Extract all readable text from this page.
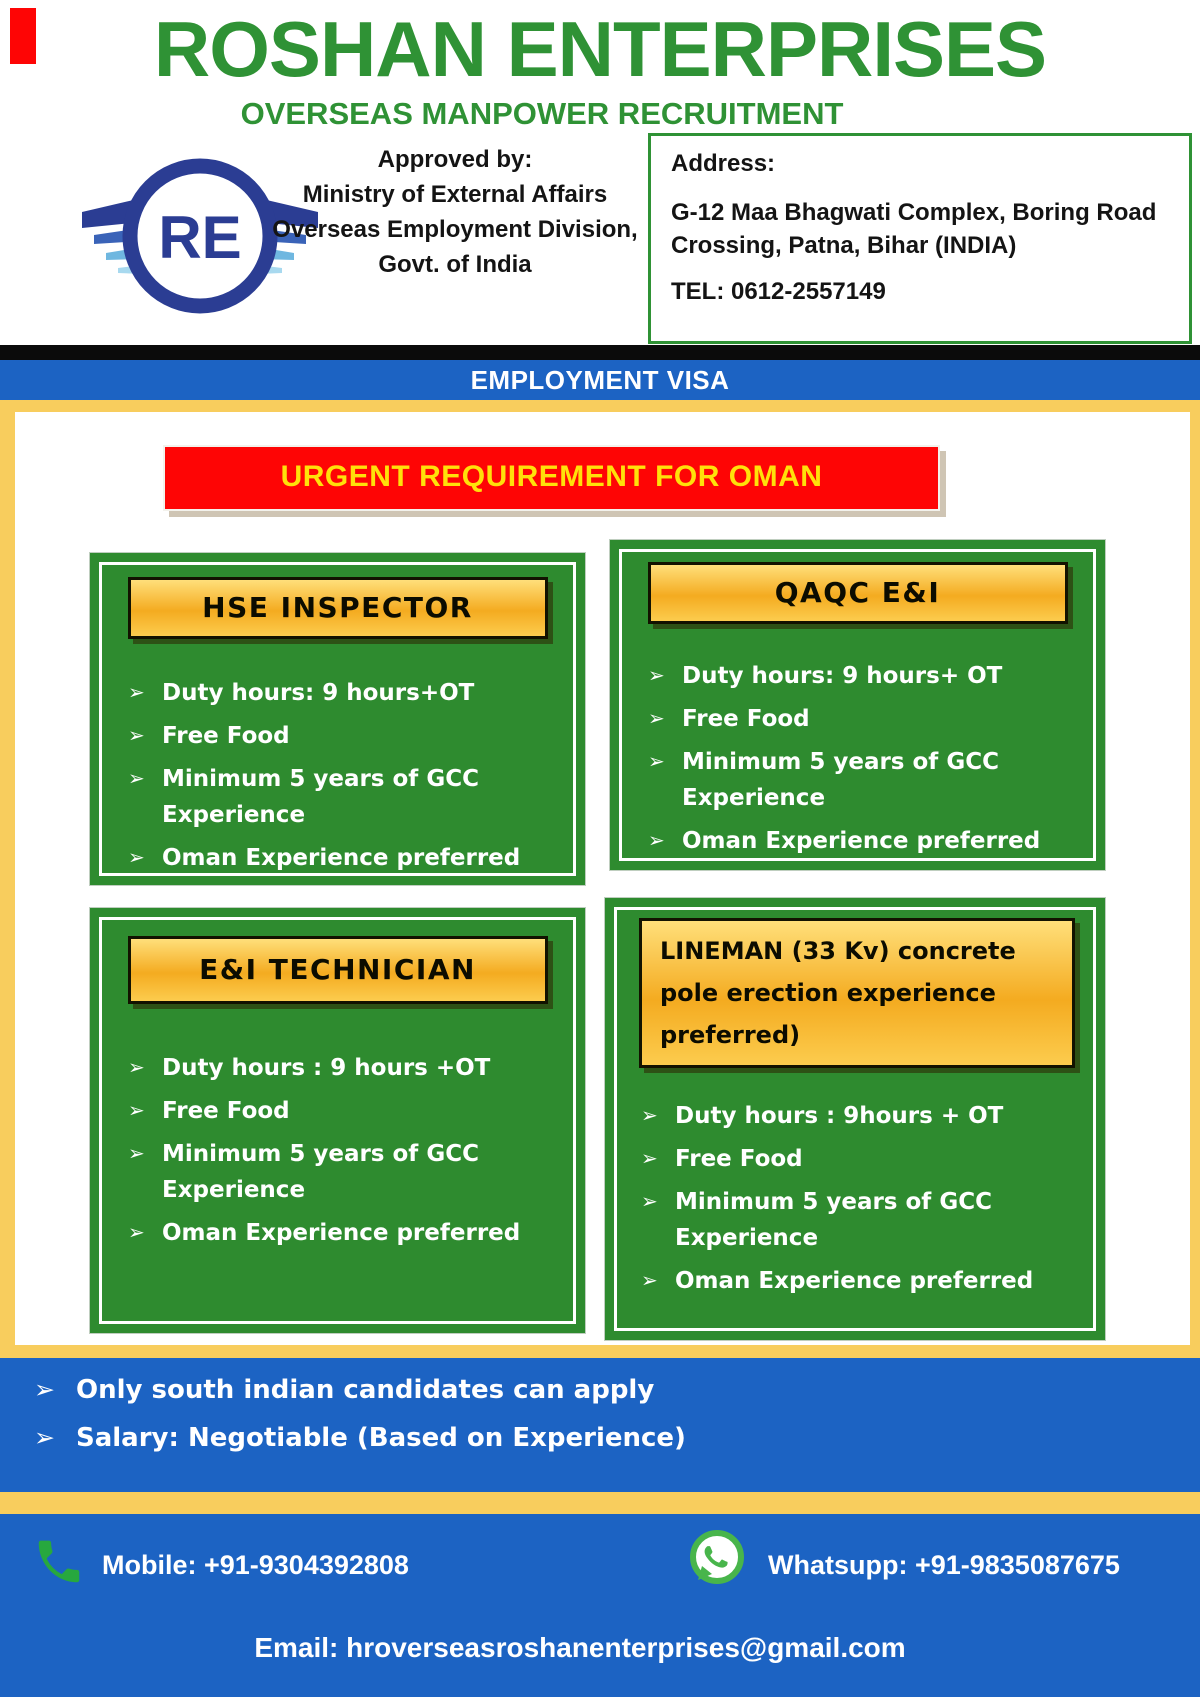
ROSHAN ENTERPRISES
OVERSEAS MANPOWER RECRUITMENT
RE
Approved by:
Ministry of External Affairs
Overseas Employment Division,
Govt. of India
Address:
G-12 Maa Bhagwati Complex, Boring Road Crossing, Patna, Bihar (INDIA)
TEL: 0612-2557149
EMPLOYMENT VISA
URGENT REQUIREMENT FOR OMAN
HSE INSPECTOR
➢ Duty hours: 9 hours+OT
➢ Free Food
➢ Minimum 5 years of GCC Experience
➢ Oman Experience preferred
QAQC E&I
➢ Duty hours: 9 hours+ OT
➢ Free Food
➢ Minimum 5 years of GCC Experience
➢ Oman Experience preferred
E&I TECHNICIAN
➢ Duty hours : 9 hours +OT
➢ Free Food
➢ Minimum 5 years of GCC Experience
➢ Oman Experience preferred
LINEMAN (33 Kv) concrete pole erection experience preferred)
➢ Duty hours : 9hours + OT
➢ Free Food
➢ Minimum 5 years of GCC Experience
➢ Oman Experience preferred
➢ Only south indian candidates can apply
➢ Salary: Negotiable (Based on Experience)
Mobile: +91-9304392808	Whatsupp: +91-9835087675
Email: hroverseasroshanenterprises@gmail.com
